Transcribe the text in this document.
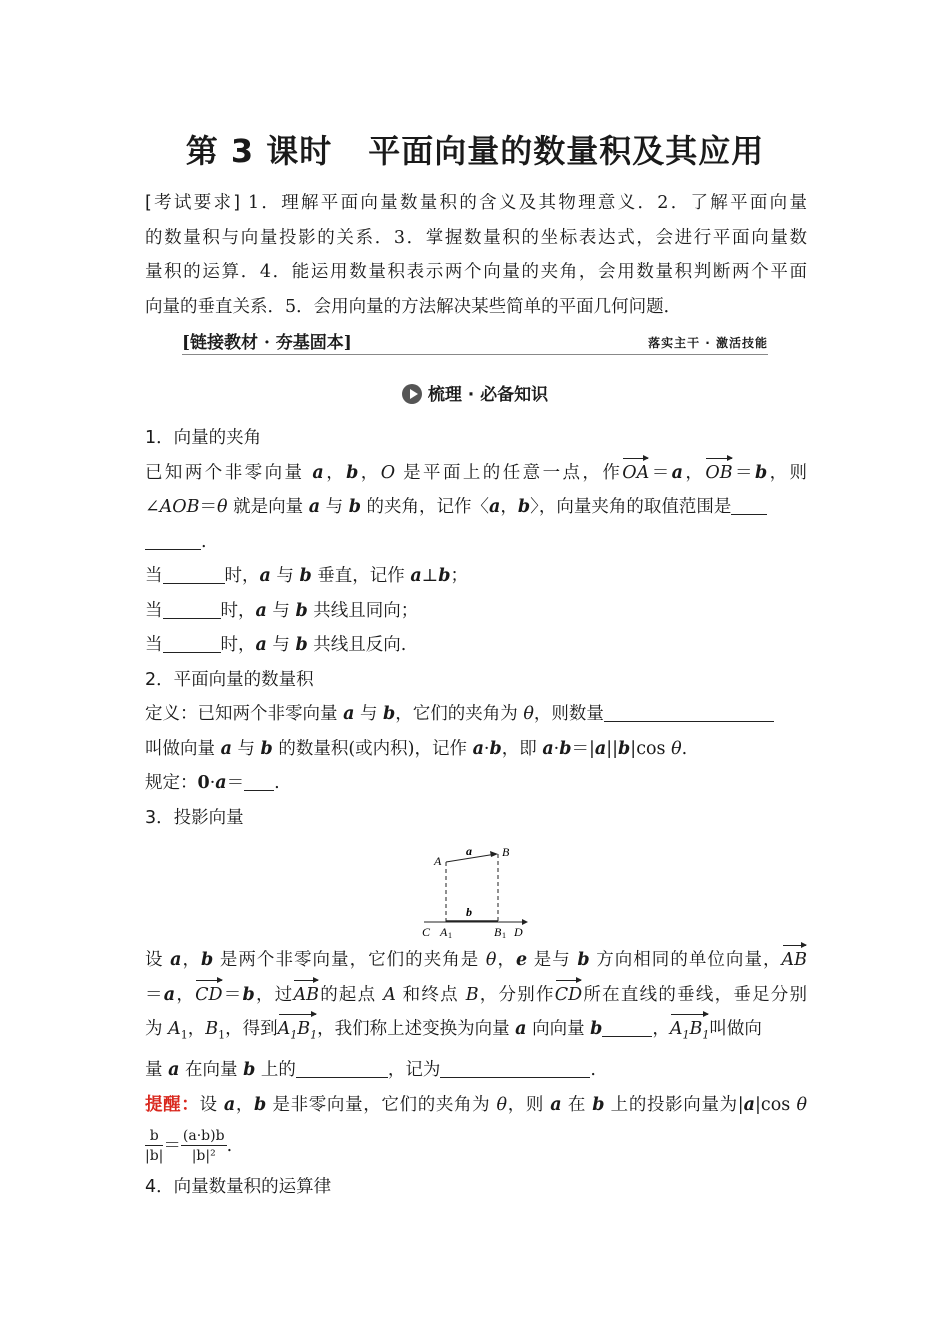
第 3 课时 平面向量的数量积及其应用
[考试要求] 1．理解平面向量数量积的含义及其物理意义．2．了解平面向量
的数量积与向量投影的关系．3．掌握数量积的坐标表达式，会进行平面向量数
量积的运算．4．能运用数量积表示两个向量的夹角，会用数量积判断两个平面
向量的垂直关系．5．会用向量的方法解决某些简单的平面几何问题．
[链接教材 · 夯基固本]	落实主干 · 激活技能
梳理 · 必备知识
1．向量的夹角
已知两个非零向量 a，b，O 是平面上的任意一点，作OA＝a，OB＝b，则
∠AOB＝θ 就是向量 a 与 b 的夹角，记作〈a，b〉，向量夹角的取值范围是
.
当	时，a 与 b 垂直，记作 a⊥b；
当	时，a 与 b 共线且同向；
当	时，a 与 b 共线且反向.
2．平面向量的数量积
定义：已知两个非零向量 a 与 b，它们的夹角为 θ，则数量
叫做向量 a 与 b 的数量积(或内积)，记作 a·b，即 a·b＝|a||b|cos θ.
规定：0·a＝ .
3．投影向量
A
B
a
b
C A 1	B 1 D
设 a，b 是两个非零向量，它们的夹角是 θ，e 是与 b 方向相同的单位向量，AB
＝a，CD＝b，过AB的起点 A 和终点 B，分别作CD所在直线的垂线，垂足分别
为 $A_1$，$B_1$，得到$A_1B_1$，我们称上述变换为向量 a 向向量 b	，$A_1B_1$叫做向
量 a 在向量 b 上的	，记为	.
提醒：设 a，b 是非零向量，它们的夹角为 θ，则 a 在 b 上的投影向量为|a|cos θ
$\frac{b}{|b|} = \frac{(a\cdot b)b}{\text{|b|²}}$ .
4．向量数量积的运算律
